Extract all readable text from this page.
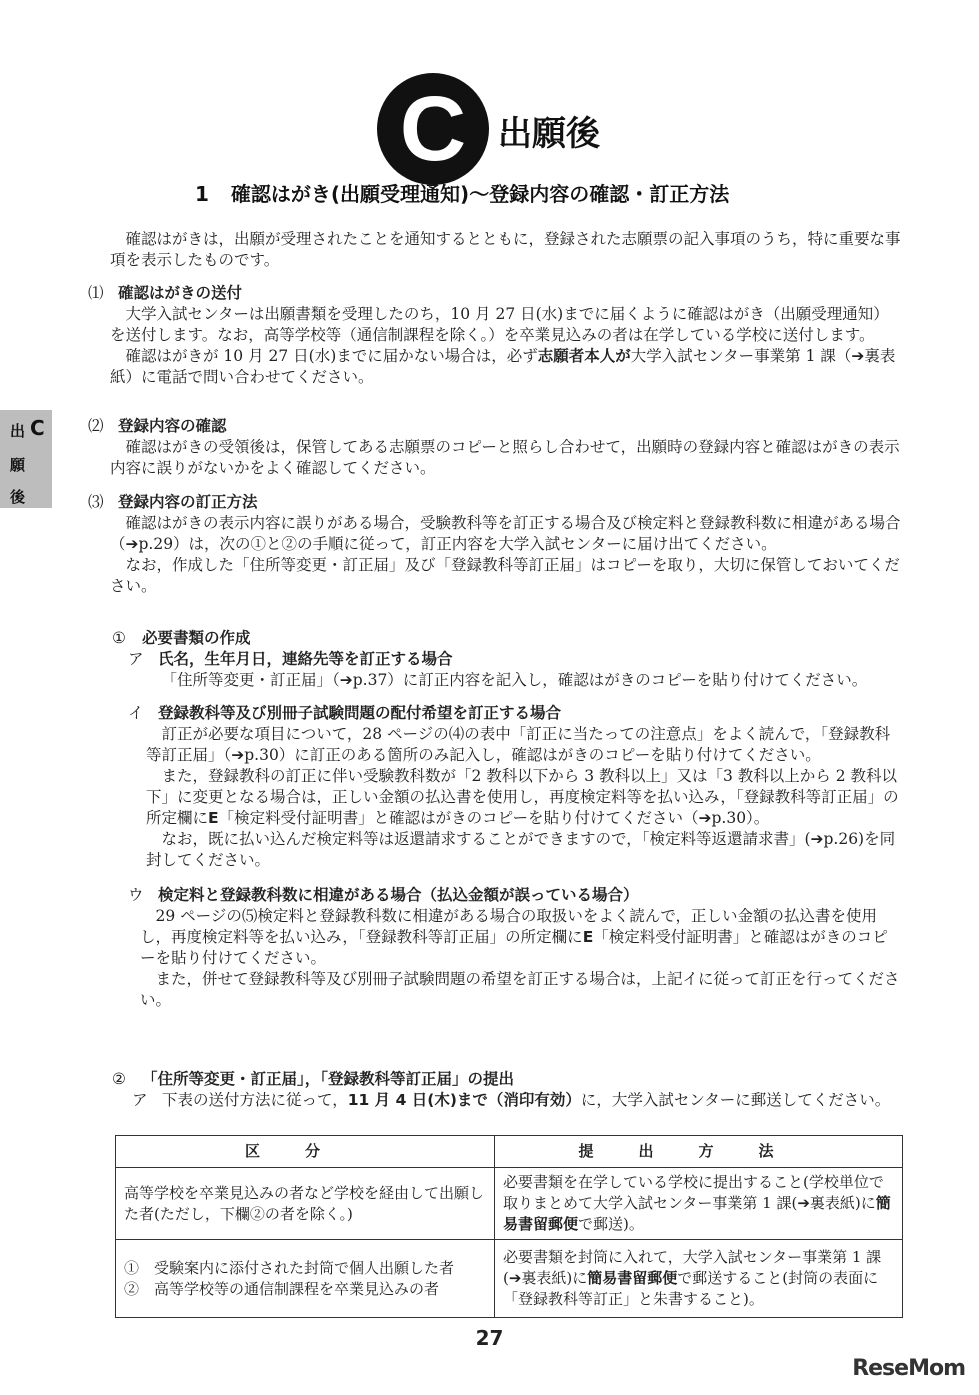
C 出願後
1 確認はがき(出願受理通知)～登録内容の確認・訂正方法
出 C
願
後

確認はがきは，出願が受理されたことを通知するとともに，登録された志願票の記入事項のうち，特に重要な事項を表示したものです。

⑴ 確認はがきの送付

大学入試センターは出願書類を受理したのち，10 月 27 日(水)までに届くように確認はがき（出願受理通知）を送付します。なお，高等学校等（通信制課程を除く。）を卒業見込みの者は在学している学校に送付します。

確認はがきが 10 月 27 日(水)までに届かない場合は，必ず志願者本人が大学入試センター事業第 1 課（➔裏表紙）に電話で問い合わせてください。

⑵ 登録内容の確認

確認はがきの受領後は，保管してある志願票のコピーと照らし合わせて，出願時の登録内容と確認はがきの表示内容に誤りがないかをよく確認してください。

⑶ 登録内容の訂正方法

確認はがきの表示内容に誤りがある場合，受験教科等を訂正する場合及び検定料と登録教科数に相違がある場合（➔p.29）は，次の①と②の手順に従って，訂正内容を大学入試センターに届け出てください。

なお，作成した「住所等変更・訂正届」及び「登録教科等訂正届」はコピーを取り，大切に保管しておいてください。

① 必要書類の作成
ア 氏名，生年月日，連絡先等を訂正する場合

「住所等変更・訂正届」（➔p.37）に訂正内容を記入し，確認はがきのコピーを貼り付けてください。

イ 登録教科等及び別冊子試験問題の配付希望を訂正する場合

訂正が必要な項目について，28 ページの⑷の表中「訂正に当たっての注意点」をよく読んで，「登録教科等訂正届」（➔p.30）に訂正のある箇所のみ記入し，確認はがきのコピーを貼り付けてください。

また，登録教科の訂正に伴い受験教科数が「2 教科以下から 3 教科以上」又は「3 教科以上から 2 教科以下」に変更となる場合は，正しい金額の払込書を使用し，再度検定料等を払い込み，「登録教科等訂正届」の所定欄にE「検定料受付証明書」と確認はがきのコピーを貼り付けてください（➔p.30）。

なお，既に払い込んだ検定料等は返還請求することができますので，「検定料等返還請求書」(➔p.26)を同封してください。

ウ 検定料と登録教科数に相違がある場合（払込金額が誤っている場合）

29 ページの⑸検定料と登録教科数に相違がある場合の取扱いをよく読んで，正しい金額の払込書を使用し，再度検定料等を払い込み，「登録教科等訂正届」の所定欄にE「検定料受付証明書」と確認はがきのコピーを貼り付けてください。

また，併せて登録教科等及び別冊子試験問題の希望を訂正する場合は，上記イに従って訂正を行ってください。

② 「住所等変更・訂正届」，「登録教科等訂正届」の提出
ア 下表の送付方法に従って，11 月 4 日(木)まで（消印有効）に，大学入試センターに郵送してください。

区分	提出方法
高等学校を卒業見込みの者など学校を経由して出願した者(ただし，下欄②の者を除く。)	必要書類を在学している学校に提出すること(学校単位で取りまとめて大学入試センター事業第 1 課(➔裏表紙)に簡易書留郵便で郵送)。

①　受験案内に添付された封筒で個人出願した者
②　高等学校等の通信制課程を卒業見込みの者	必要書類を封筒に入れて，大学入試センター事業第 1 課(➔裏表紙)に簡易書留郵便で郵送すること(封筒の表面に「登録教科等訂正」と朱書すること)。
27
ReseMom
